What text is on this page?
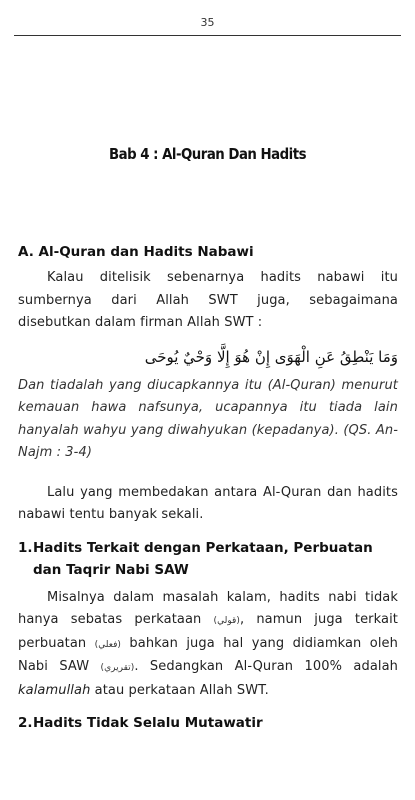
35
Bab 4 : Al-Quran Dan Hadits
A. Al-Quran dan Hadits Nabawi

Kalau ditelisik sebenarnya hadits nabawi itu sumbernya dari Allah SWT juga, sebagaimana disebutkan dalam firman Allah SWT :

وَمَا يَنْطِقُ عَنِ الْهَوَى إِنْ هُوَ إِلَّا وَحْيٌ يُوحَى

Dan tiadalah yang diucapkannya itu (Al-Quran) menurut kemauan hawa nafsunya, ucapannya itu tiada lain hanyalah wahyu yang diwahyukan (kepadanya). (QS. An-Najm : 3-4)

Lalu yang membedakan antara Al-Quran dan hadits nabawi tentu banyak sekali.

1. Hadits Terkait dengan Perkataan, Perbuatan dan Taqrir Nabi SAW

Misalnya dalam masalah kalam, hadits nabi tidak hanya sebatas perkataan (قولي), namun juga terkait perbuatan (فعلي) bahkan juga hal yang didiamkan oleh Nabi SAW (تقريري). Sedangkan Al-Quran 100% adalah kalamullah atau perkataan Allah SWT.

2. Hadits Tidak Selalu Mutawatir
